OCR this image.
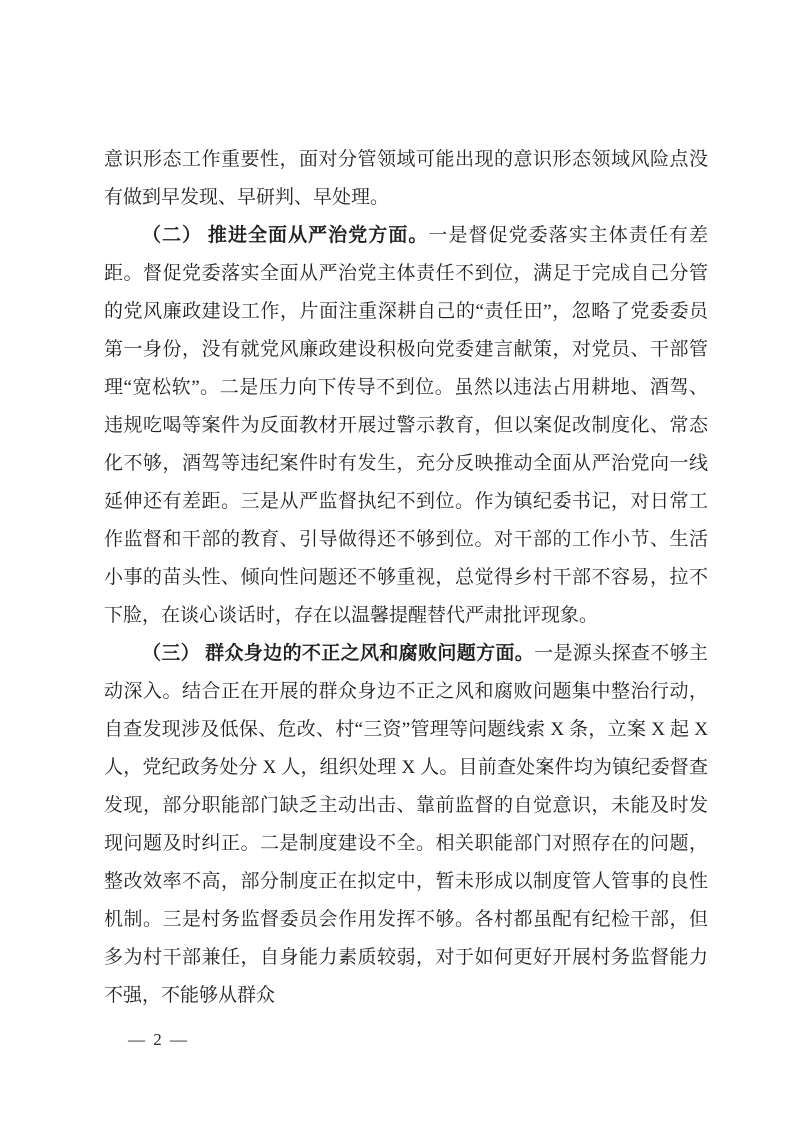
意识形态工作重要性，面对分管领域可能出现的意识形态领域风险点没有做到早发现、早研判、早处理。

（二） 推进全面从严治党方面。一是督促党委落实主体责任有差距。督促党委落实全面从严治党主体责任不到位，满足于完成自己分管的党风廉政建设工作，片面注重深耕自己的“责任田”，忽略了党委委员第一身份，没有就党风廉政建设积极向党委建言献策，对党员、干部管理“宽松软”。二是压力向下传导不到位。虽然以违法占用耕地、酒驾、违规吃喝等案件为反面教材开展过警示教育，但以案促改制度化、常态化不够，酒驾等违纪案件时有发生，充分反映推动全面从严治党向一线延伸还有差距。三是从严监督执纪不到位。作为镇纪委书记，对日常工作监督和干部的教育、引导做得还不够到位。对干部的工作小节、生活小事的苗头性、倾向性问题还不够重视，总觉得乡村干部不容易，拉不下脸，在谈心谈话时，存在以温馨提醒替代严肃批评现象。

（三） 群众身边的不正之风和腐败问题方面。一是源头探查不够主动深入。结合正在开展的群众身边不正之风和腐败问题集中整治行动，自查发现涉及低保、危改、村“三资”管理等问题线索 X 条，立案 X 起 X 人，党纪政务处分 X 人，组织处理 X 人。目前查处案件均为镇纪委督查发现，部分职能部门缺乏主动出击、靠前监督的自觉意识，未能及时发现问题及时纠正。二是制度建设不全。相关职能部门对照存在的问题，整改效率不高，部分制度正在拟定中，暂未形成以制度管人管事的良性机制。三是村务监督委员会作用发挥不够。各村都虽配有纪检干部，但多为村干部兼任，自身能力素质较弱，对于如何更好开展村务监督能力不强，不能够从群众

— 2 —
